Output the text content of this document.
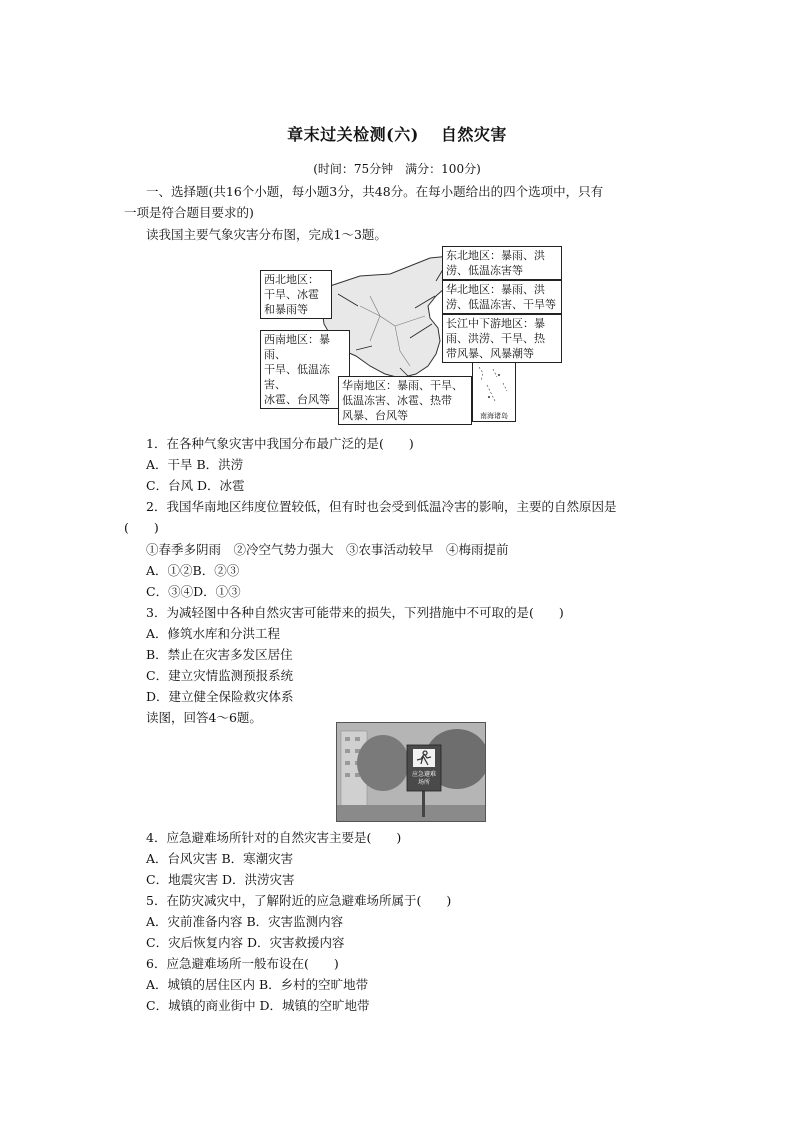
章末过关检测(六) 自然灾害
(时间：75分钟　满分：100分)
一、选择题(共16个小题，每小题3分，共48分。在每小题给出的四个选项中，只有
一项是符合题目要求的)
读我国主要气象灾害分布图，完成1～3题。
西北地区：
干旱、冰雹
和暴雨等
东北地区：暴雨、洪
涝、低温冻害等
华北地区：暴雨、洪
涝、低温冻害、干旱等
长江中下游地区：暴
雨、洪涝、干旱、热
带风暴、风暴潮等
西南地区：暴雨、
干旱、低温冻害、
冰雹、台风等
华南地区：暴雨、干旱、
低温冻害、冰雹、热带
风暴、台风等	南海诸岛
1．在各种气象灾害中我国分布最广泛的是(　　)
A．干旱 B．洪涝
C．台风 D．冰雹
2．我国华南地区纬度位置较低，但有时也会受到低温冷害的影响，主要的自然原因是
(　　)
①春季多阴雨　②冷空气势力强大　③农事活动较早　④梅雨提前
A．①②B．②③
C．③④D．①③
3．为减轻图中各种自然灾害可能带来的损失，下列措施中不可取的是(　　)
A．修筑水库和分洪工程
B．禁止在灾害多发区居住
C．建立灾情监测预报系统
D．建立健全保险救灾体系
读图，回答4～6题。
应急避难
场所
4．应急避难场所针对的自然灾害主要是(　　)
A．台风灾害 B．寒潮灾害
C．地震灾害 D．洪涝灾害
5．在防灾减灾中，了解附近的应急避难场所属于(　　)
A．灾前准备内容 B．灾害监测内容
C．灾后恢复内容 D．灾害救援内容
6．应急避难场所一般布设在(　　)
A．城镇的居住区内 B．乡村的空旷地带
C．城镇的商业街中 D．城镇的空旷地带
